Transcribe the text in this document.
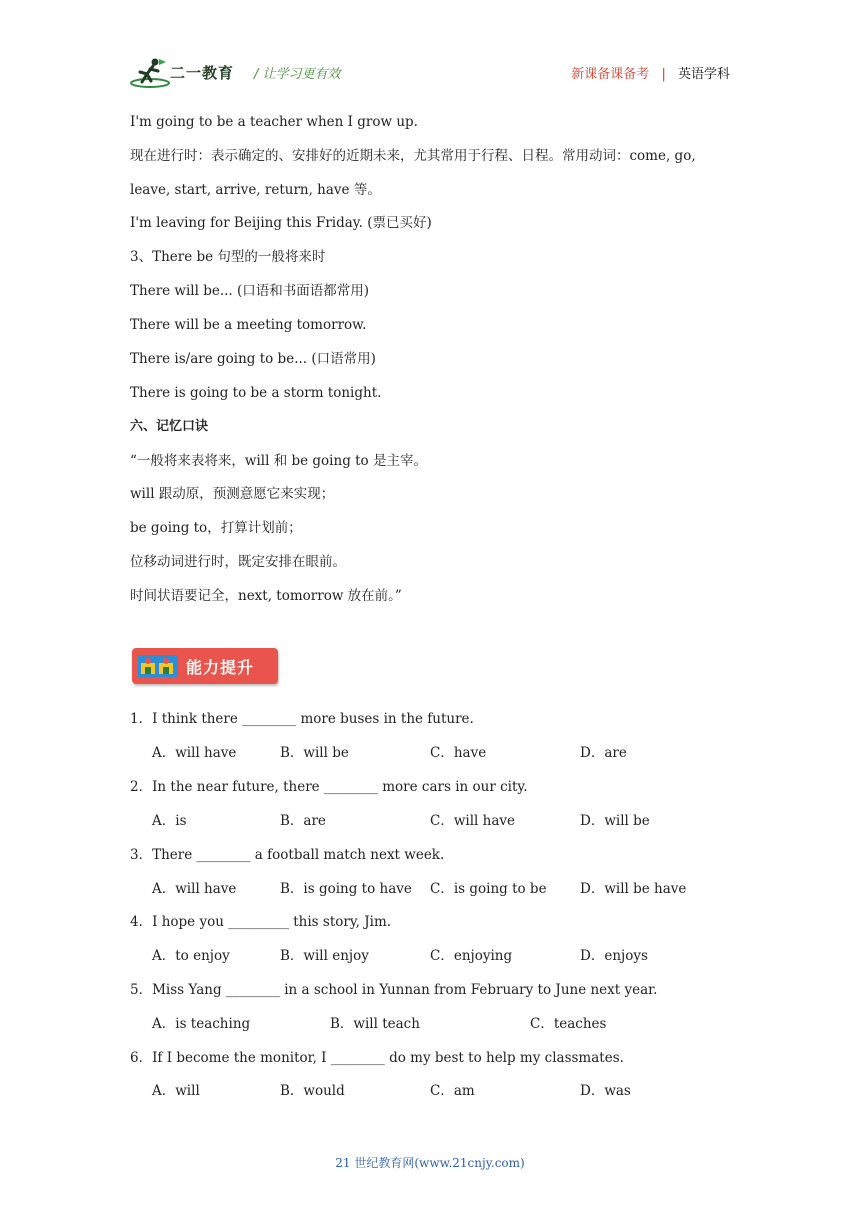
二一教育 / 让学习更有效	新课备课备考 | 英语学科
I'm going to be a teacher when I grow up.
现在进行时：表示确定的、安排好的近期未来，尤其常用于行程、日程。常用动词：come, go,
leave, start, arrive, return, have 等。
I'm leaving for Beijing this Friday. (票已买好)
3、There be 句型的一般将来时
There will be... (口语和书面语都常用)
There will be a meeting tomorrow.
There is/are going to be... (口语常用)
There is going to be a storm tonight.
六、记忆口诀
“一般将来表将来，will 和 be going to 是主宰。
will 跟动原，预测意愿它来实现；
be going to，打算计划前；
位移动词进行时，既定安排在眼前。
时间状语要记全，next, tomorrow 放在前。”
能力提升
1．I think there ________ more buses in the future.
A．will have	B．will be	C．have	D．are
2．In the near future, there ________ more cars in our city.
A．is	B．are	C．will have	D．will be
3．There ________ a football match next week.
A．will have	B．is going to have C．is going to be D．will be have
4．I hope you _________ this story, Jim.
A．to enjoy	B．will enjoy	C．enjoying	D．enjoys
5．Miss Yang ________ in a school in Yunnan from February to June next year.
A．is teaching	B．will teach	C．teaches
6．If I become the monitor, I ________ do my best to help my classmates.
A．will	B．would	C．am	D．was
21 世纪教育网(www.21cnjy.com)
